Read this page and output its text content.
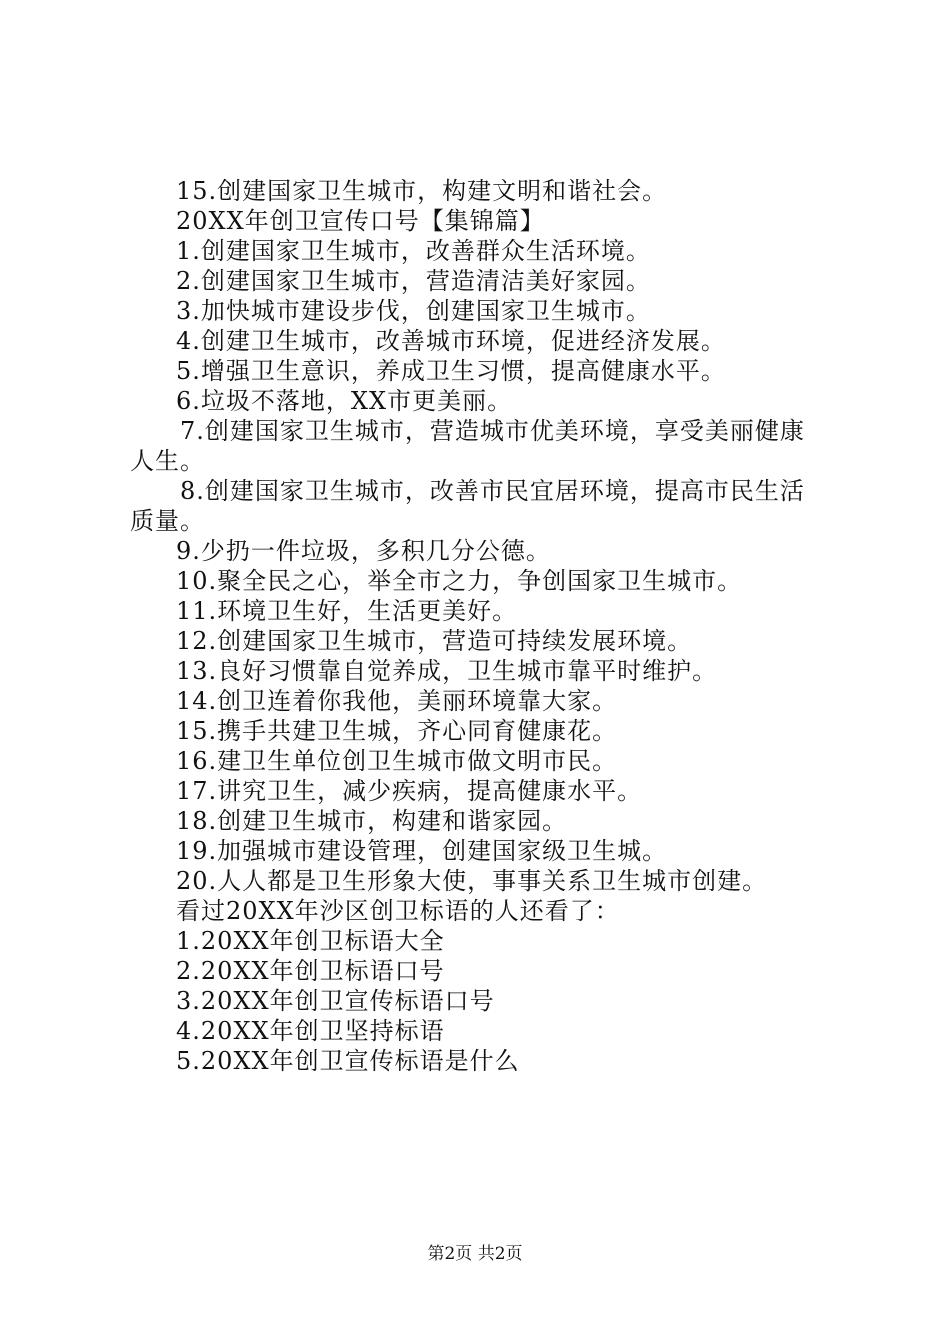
15.创建国家卫生城市，构建文明和谐社会。
20XX年创卫宣传口号【集锦篇】
1.创建国家卫生城市，改善群众生活环境。
2.创建国家卫生城市，营造清洁美好家园。
3.加快城市建设步伐，创建国家卫生城市。
4.创建卫生城市，改善城市环境，促进经济发展。
5.增强卫生意识，养成卫生习惯，提高健康水平。
6.垃圾不落地，XX市更美丽。
7.创建国家卫生城市，营造城市优美环境，享受美丽健康
人生。
8.创建国家卫生城市，改善市民宜居环境，提高市民生活
质量。
9.少扔一件垃圾，多积几分公德。
10.聚全民之心，举全市之力，争创国家卫生城市。
11.环境卫生好，生活更美好。
12.创建国家卫生城市，营造可持续发展环境。
13.良好习惯靠自觉养成，卫生城市靠平时维护。
14.创卫连着你我他，美丽环境靠大家。
15.携手共建卫生城，齐心同育健康花。
16.建卫生单位创卫生城市做文明市民。
17.讲究卫生，减少疾病，提高健康水平。
18.创建卫生城市，构建和谐家园。
19.加强城市建设管理，创建国家级卫生城。
20.人人都是卫生形象大使，事事关系卫生城市创建。
看过20XX年沙区创卫标语的人还看了：
1.20XX年创卫标语大全
2.20XX年创卫标语口号
3.20XX年创卫宣传标语口号
4.20XX年创卫坚持标语
5.20XX年创卫宣传标语是什么
第2页 共2页
